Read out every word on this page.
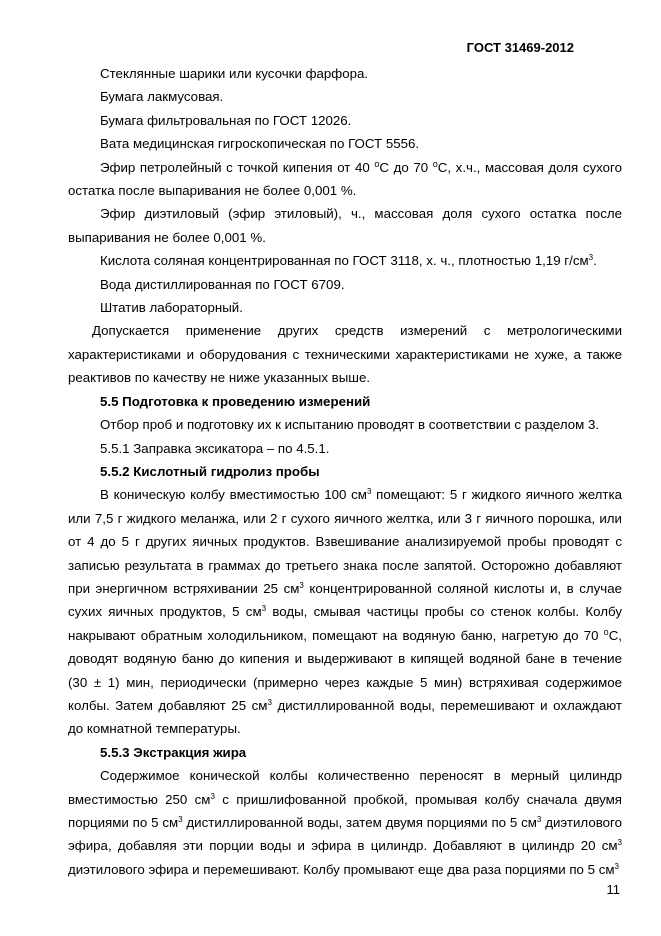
ГОСТ 31469-2012

Стеклянные шарики или кусочки фарфора.

Бумага лакмусовая.

Бумага фильтровальная по ГОСТ 12026.

Вата медицинская гигроскопическая по ГОСТ 5556.

Эфир петролейный с точкой кипения от 40 $^о$С до 70 $^о$С, х.ч., массовая доля сухого остатка после выпаривания не более 0,001 %.

Эфир диэтиловый (эфир этиловый), ч., массовая доля сухого остатка после выпаривания не более 0,001 %.

Кислота соляная концентрированная по ГОСТ 3118, х. ч., плотностью 1,19 $г/см^3$.

Вода дистиллированная по ГОСТ 6709.

Штатив лабораторный.

Допускается применение других средств измерений с метрологическими характеристиками и оборудования с техническими характеристиками не хуже, а также реактивов по качеству не ниже указанных выше.

5.5 Подготовка к проведению измерений

Отбор проб и подготовку их к испытанию проводят в соответствии с разделом 3.

5.5.1 Заправка эксикатора – по 4.5.1.

5.5.2 Кислотный гидролиз пробы

В коническую колбу вместимостью 100 $см^3$ помещают: 5 г жидкого яичного желтка или 7,5 г жидкого меланжа, или 2 г сухого яичного желтка, или 3 г яичного порошка, или от 4 до 5 г других яичных продуктов. Взвешивание анализируемой пробы проводят с записью результата в граммах до третьего знака после запятой. Осторожно добавляют при энергичном встряхивании 25 $см^3$ концентрированной соляной кислоты и, в случае сухих яичных продуктов, 5 $см^3$ воды, смывая частицы пробы со стенок колбы. Колбу накрывают обратным холодильником, помещают на водяную баню, нагретую до 70 $^о$С, доводят водяную баню до кипения и выдерживают в кипящей водяной бане в течение (30 ± 1) мин, периодически (примерно через каждые 5 мин) встряхивая содержимое колбы. Затем добавляют 25 $см^3$ дистиллированной воды, перемешивают и охлаждают до комнатной температуры.

5.5.3 Экстракция жира

Содержимое конической колбы количественно переносят в мерный цилиндр вместимостью 250 $см^3$ с пришлифованной пробкой, промывая колбу сначала двумя порциями по 5 $см^3$ дистиллированной воды, затем двумя порциями по 5 $см^3$ диэтилового эфира, добавляя эти порции воды и эфира в цилиндр. Добавляют в цилиндр 20 $см^3$ диэтилового эфира и перемешивают. Колбу промывают еще два раза порциями по 5 $см^3$

11
